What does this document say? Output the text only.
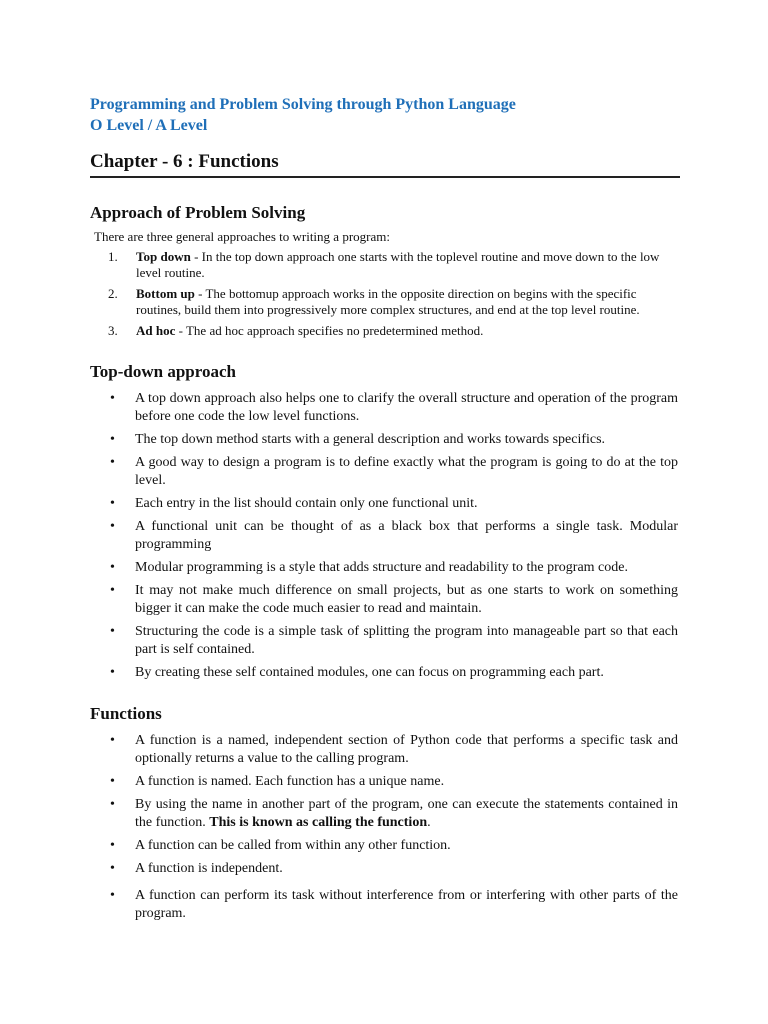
Programming and Problem Solving through Python Language
O Level / A Level
Chapter - 6 : Functions
Approach of Problem Solving
There are three general approaches to writing a program:
1.	Top down - In the top down approach one starts with the toplevel routine and move down to the low level routine.
2.	Bottom up - The bottomup approach works in the opposite direction on begins with the specific routines, build them into progressively more complex structures, and end at the top level routine.
3.	Ad hoc - The ad hoc approach specifies no predetermined method.
Top-down approach
•	A top down approach also helps one to clarify the overall structure and operation of the program before one code the low level functions.
•	The top down method starts with a general description and works towards specifics.
•	A good way to design a program is to define exactly what the program is going to do at the top level.
•	Each entry in the list should contain only one functional unit.
•	A functional unit can be thought of as a black box that performs a single task. Modular programming
•	Modular programming is a style that adds structure and readability to the program code.
•	It may not make much difference on small projects, but as one starts to work on something bigger it can make the code much easier to read and maintain.
•	Structuring the code is a simple task of splitting the program into manageable part so that each part is self contained.
•	By creating these self contained modules, one can focus on programming each part.
Functions
•	A function is a named, independent section of Python code that performs a specific task and optionally returns a value to the calling program.
•	A function is named. Each function has a unique name.
•	By using the name in another part of the program, one can execute the statements contained in the function. This is known as calling the function.
•	A function can be called from within any other function.
•	A function is independent.
•	A function can perform its task without interference from or interfering with other parts of the program.
